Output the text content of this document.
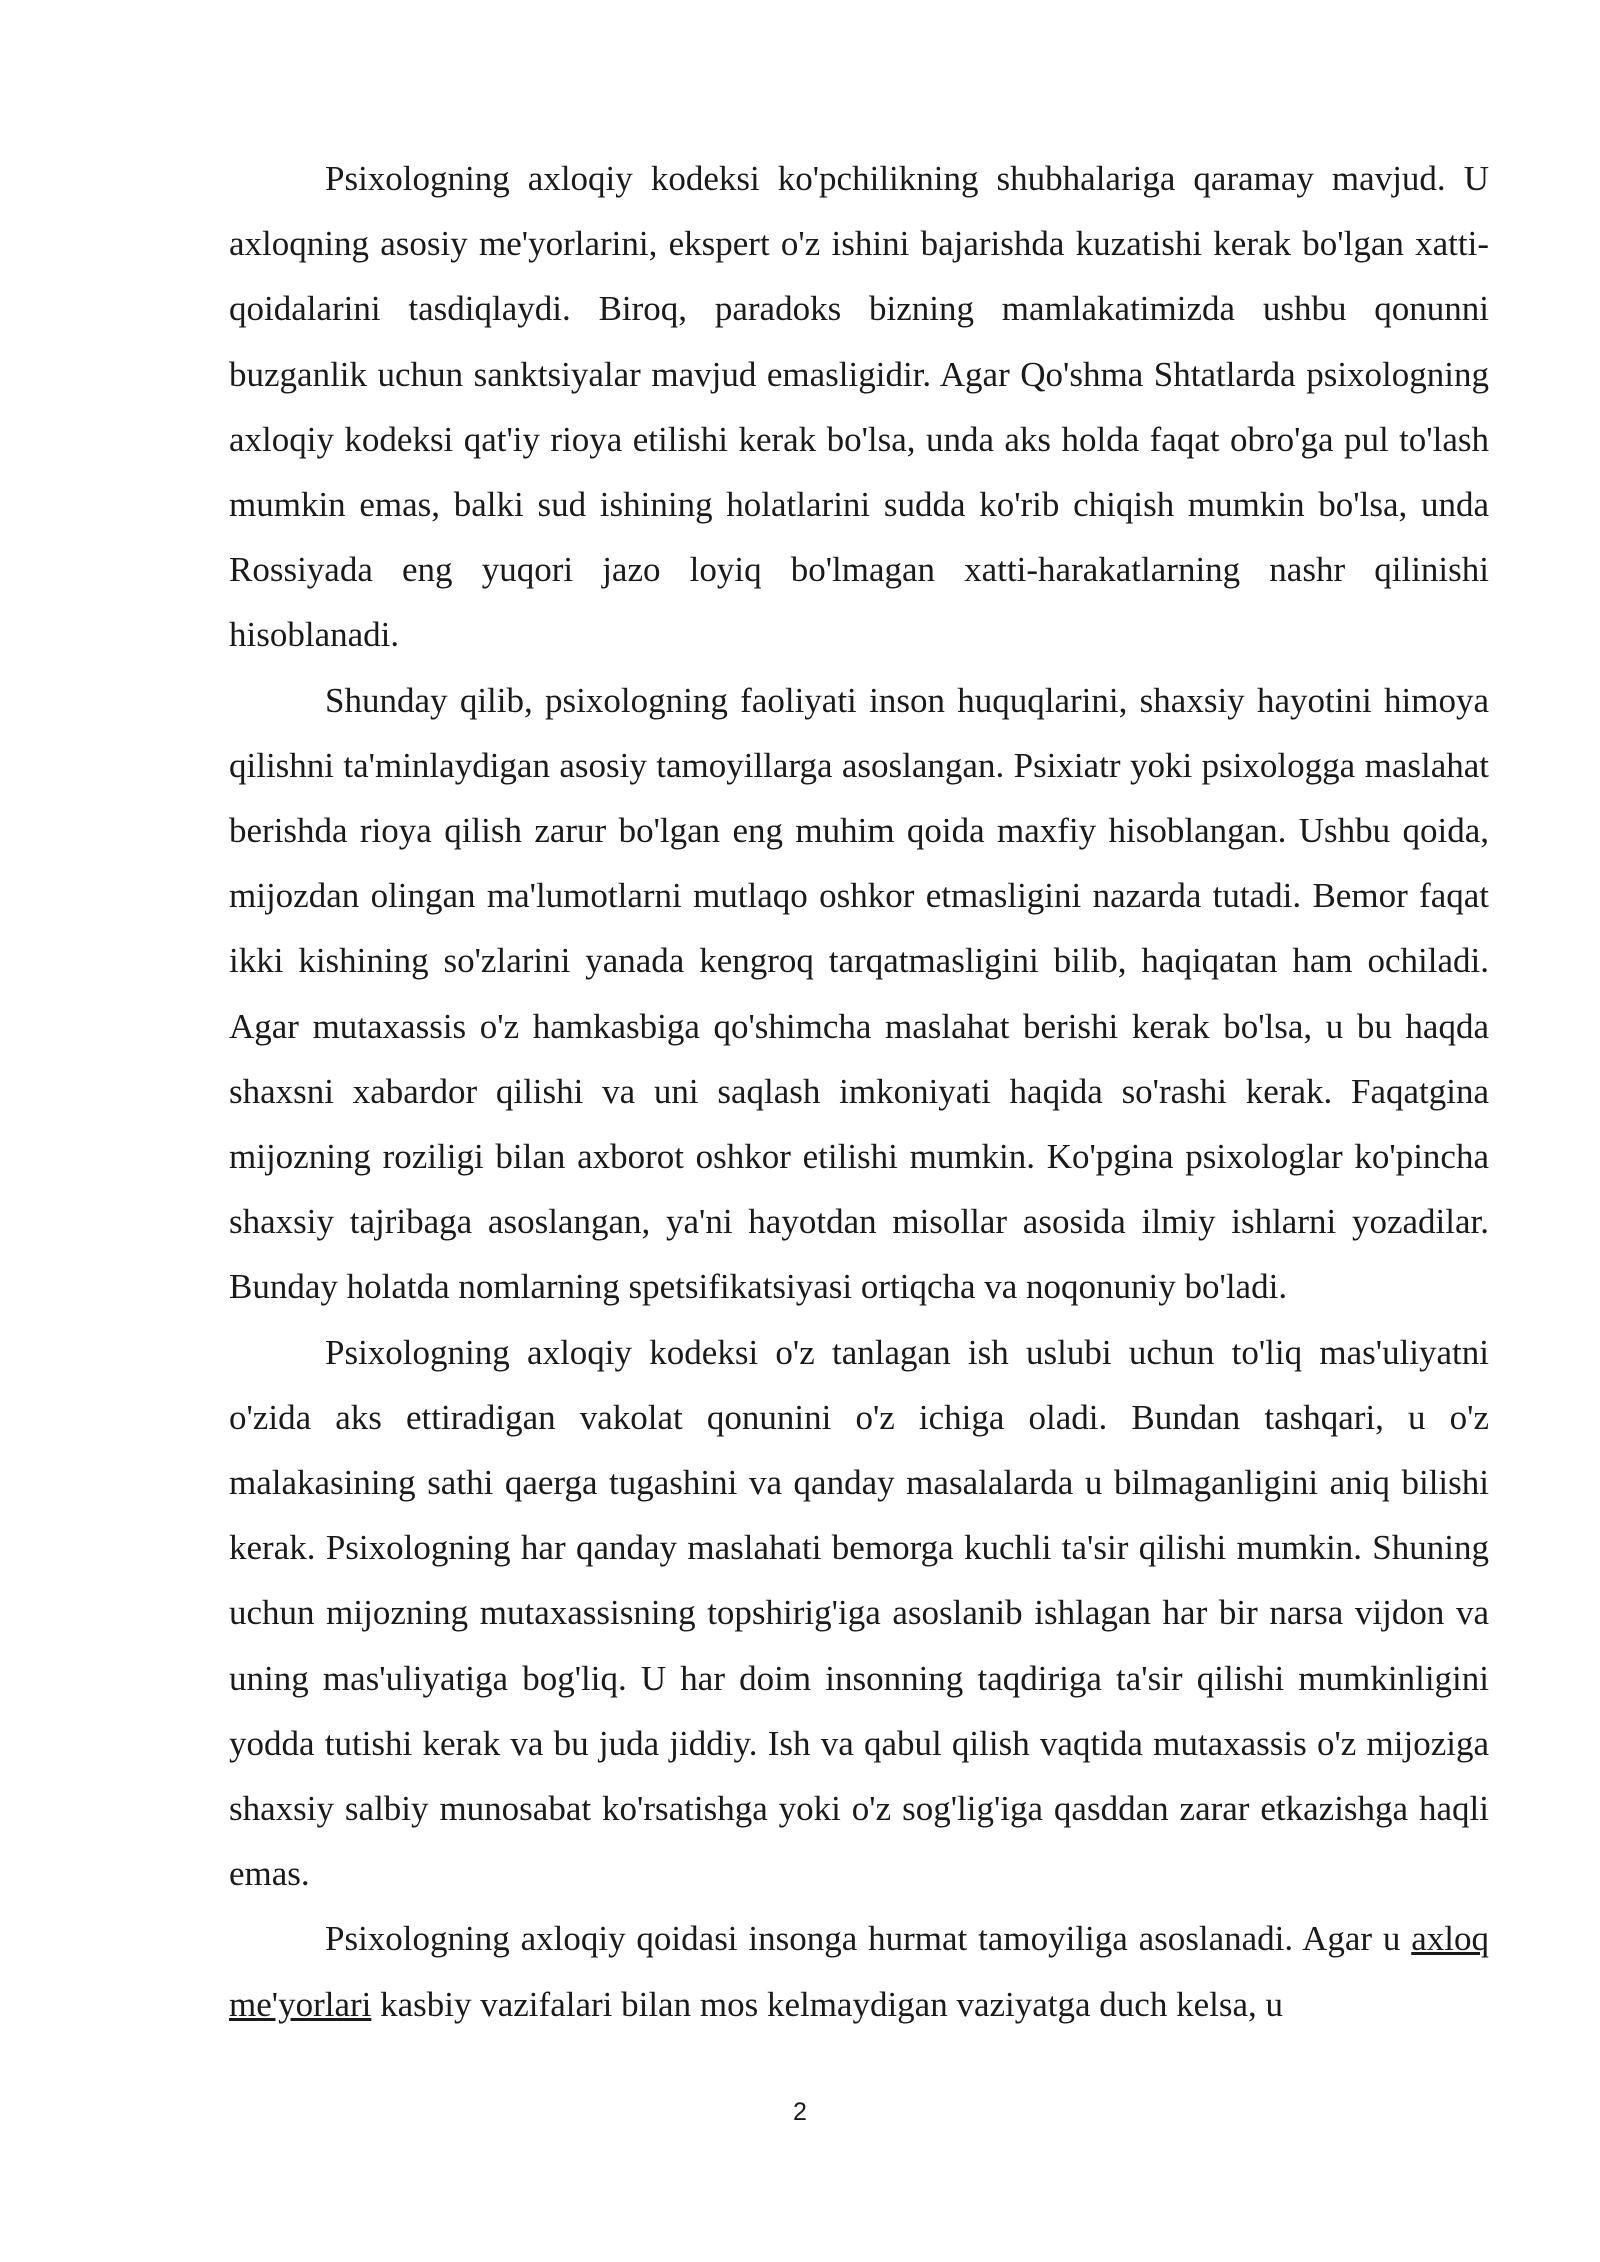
Psixologning axloqiy kodeksi ko'pchilikning shubhalariga qaramay mavjud. U axloqning asosiy me'yorlarini, ekspert o'z ishini bajarishda kuzatishi kerak bo'lgan xatti-qoidalarini tasdiqlaydi. Biroq, paradoks bizning mamlakatimizda ushbu qonunni buzganlik uchun sanktsiyalar mavjud emasligidir. Agar Qo'shma Shtatlarda psixologning axloqiy kodeksi qat'iy rioya etilishi kerak bo'lsa, unda aks holda faqat obro'ga pul to'lash mumkin emas, balki sud ishining holatlarini sudda ko'rib chiqish mumkin bo'lsa, unda Rossiyada eng yuqori jazo loyiq bo'lmagan xatti-harakatlarning nashr qilinishi hisoblanadi.

Shunday qilib, psixologning faoliyati inson huquqlarini, shaxsiy hayotini himoya qilishni ta'minlaydigan asosiy tamoyillarga asoslangan. Psixiatr yoki psixologga maslahat berishda rioya qilish zarur bo'lgan eng muhim qoida maxfiy hisoblangan. Ushbu qoida, mijozdan olingan ma'lumotlarni mutlaqo oshkor etmasligini nazarda tutadi. Bemor faqat ikki kishining so'zlarini yanada kengroq tarqatmasligini bilib, haqiqatan ham ochiladi. Agar mutaxassis o'z hamkasbiga qo'shimcha maslahat berishi kerak bo'lsa, u bu haqda shaxsni xabardor qilishi va uni saqlash imkoniyati haqida so'rashi kerak. Faqatgina mijozning roziligi bilan axborot oshkor etilishi mumkin. Ko'pgina psixologlar ko'pincha shaxsiy tajribaga asoslangan, ya'ni hayotdan misollar asosida ilmiy ishlarni yozadilar. Bunday holatda nomlarning spetsifikatsiyasi ortiqcha va noqonuniy bo'ladi.

Psixologning axloqiy kodeksi o'z tanlagan ish uslubi uchun to'liq mas'uliyatni o'zida aks ettiradigan vakolat qonunini o'z ichiga oladi. Bundan tashqari, u o'z malakasining sathi qaerga tugashini va qanday masalalarda u bilmaganligini aniq bilishi kerak. Psixologning har qanday maslahati bemorga kuchli ta'sir qilishi mumkin. Shuning uchun mijozning mutaxassisning topshirig'iga asoslanib ishlagan har bir narsa vijdon va uning mas'uliyatiga bog'liq. U har doim insonning taqdiriga ta'sir qilishi mumkinligini yodda tutishi kerak va bu juda jiddiy. Ish va qabul qilish vaqtida mutaxassis o'z mijoziga shaxsiy salbiy munosabat ko'rsatishga yoki o'z sog'lig'iga qasddan zarar etkazishga haqli emas.

Psixologning axloqiy qoidasi insonga hurmat tamoyiliga asoslanadi. Agar u axloq me'yorlari kasbiy vazifalari bilan mos kelmaydigan vaziyatga duch kelsa, u

2
